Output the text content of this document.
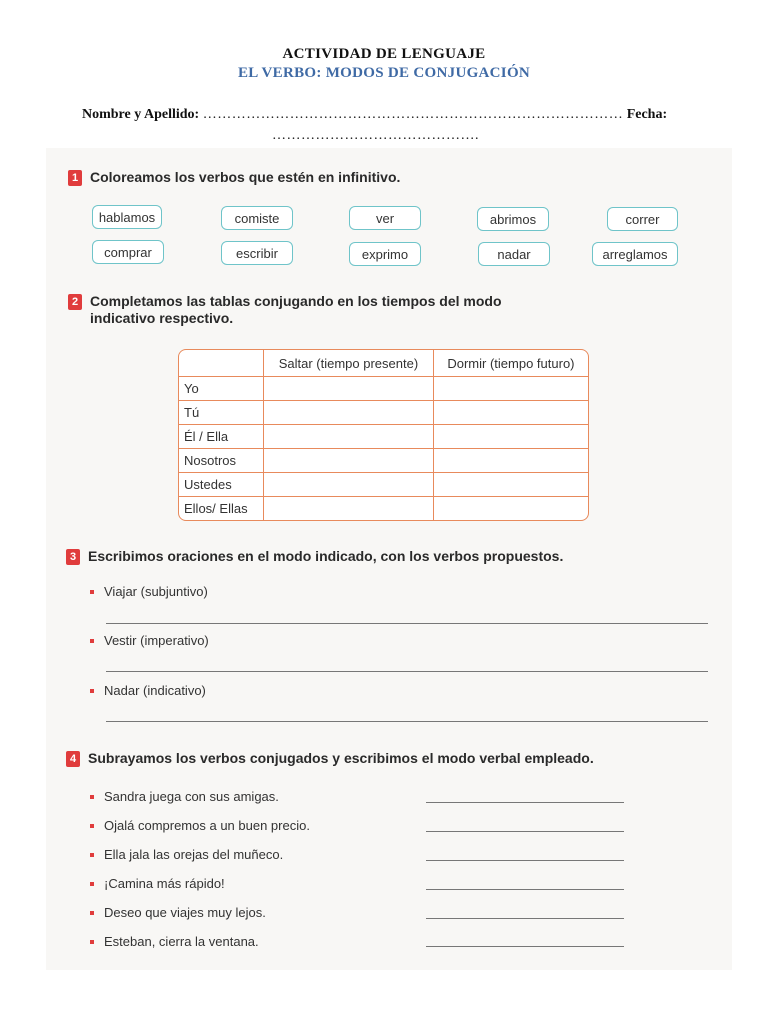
ACTIVIDAD DE LENGUAJE
EL VERBO: MODOS DE CONJUGACIÓN
Nombre y Apellido: …………………………………………………………………………… Fecha:
…………………………………….
1 Coloreamos los verbos que estén en infinitivo.
hablamos	comiste	ver	abrimos	correr
comprar	escribir	exprimo	nadar	arreglamos
2 Completamos las tablas conjugando en los tiempos del modo
indicativo respectivo.
	Saltar (tiempo presente)	Dormir (tiempo futuro)
Yo		
Tú		
Él / Ella		
Nosotros		
Ustedes		
Ellos/ Ellas		
3 Escribimos oraciones en el modo indicado, con los verbos propuestos.
Viajar (subjuntivo)
Vestir (imperativo)
Nadar (indicativo)
4 Subrayamos los verbos conjugados y escribimos el modo verbal empleado.
Sandra juega con sus amigas.
Ojalá compremos a un buen precio.
Ella jala las orejas del muñeco.
¡Camina más rápido!
Deseo que viajes muy lejos.
Esteban, cierra la ventana.
